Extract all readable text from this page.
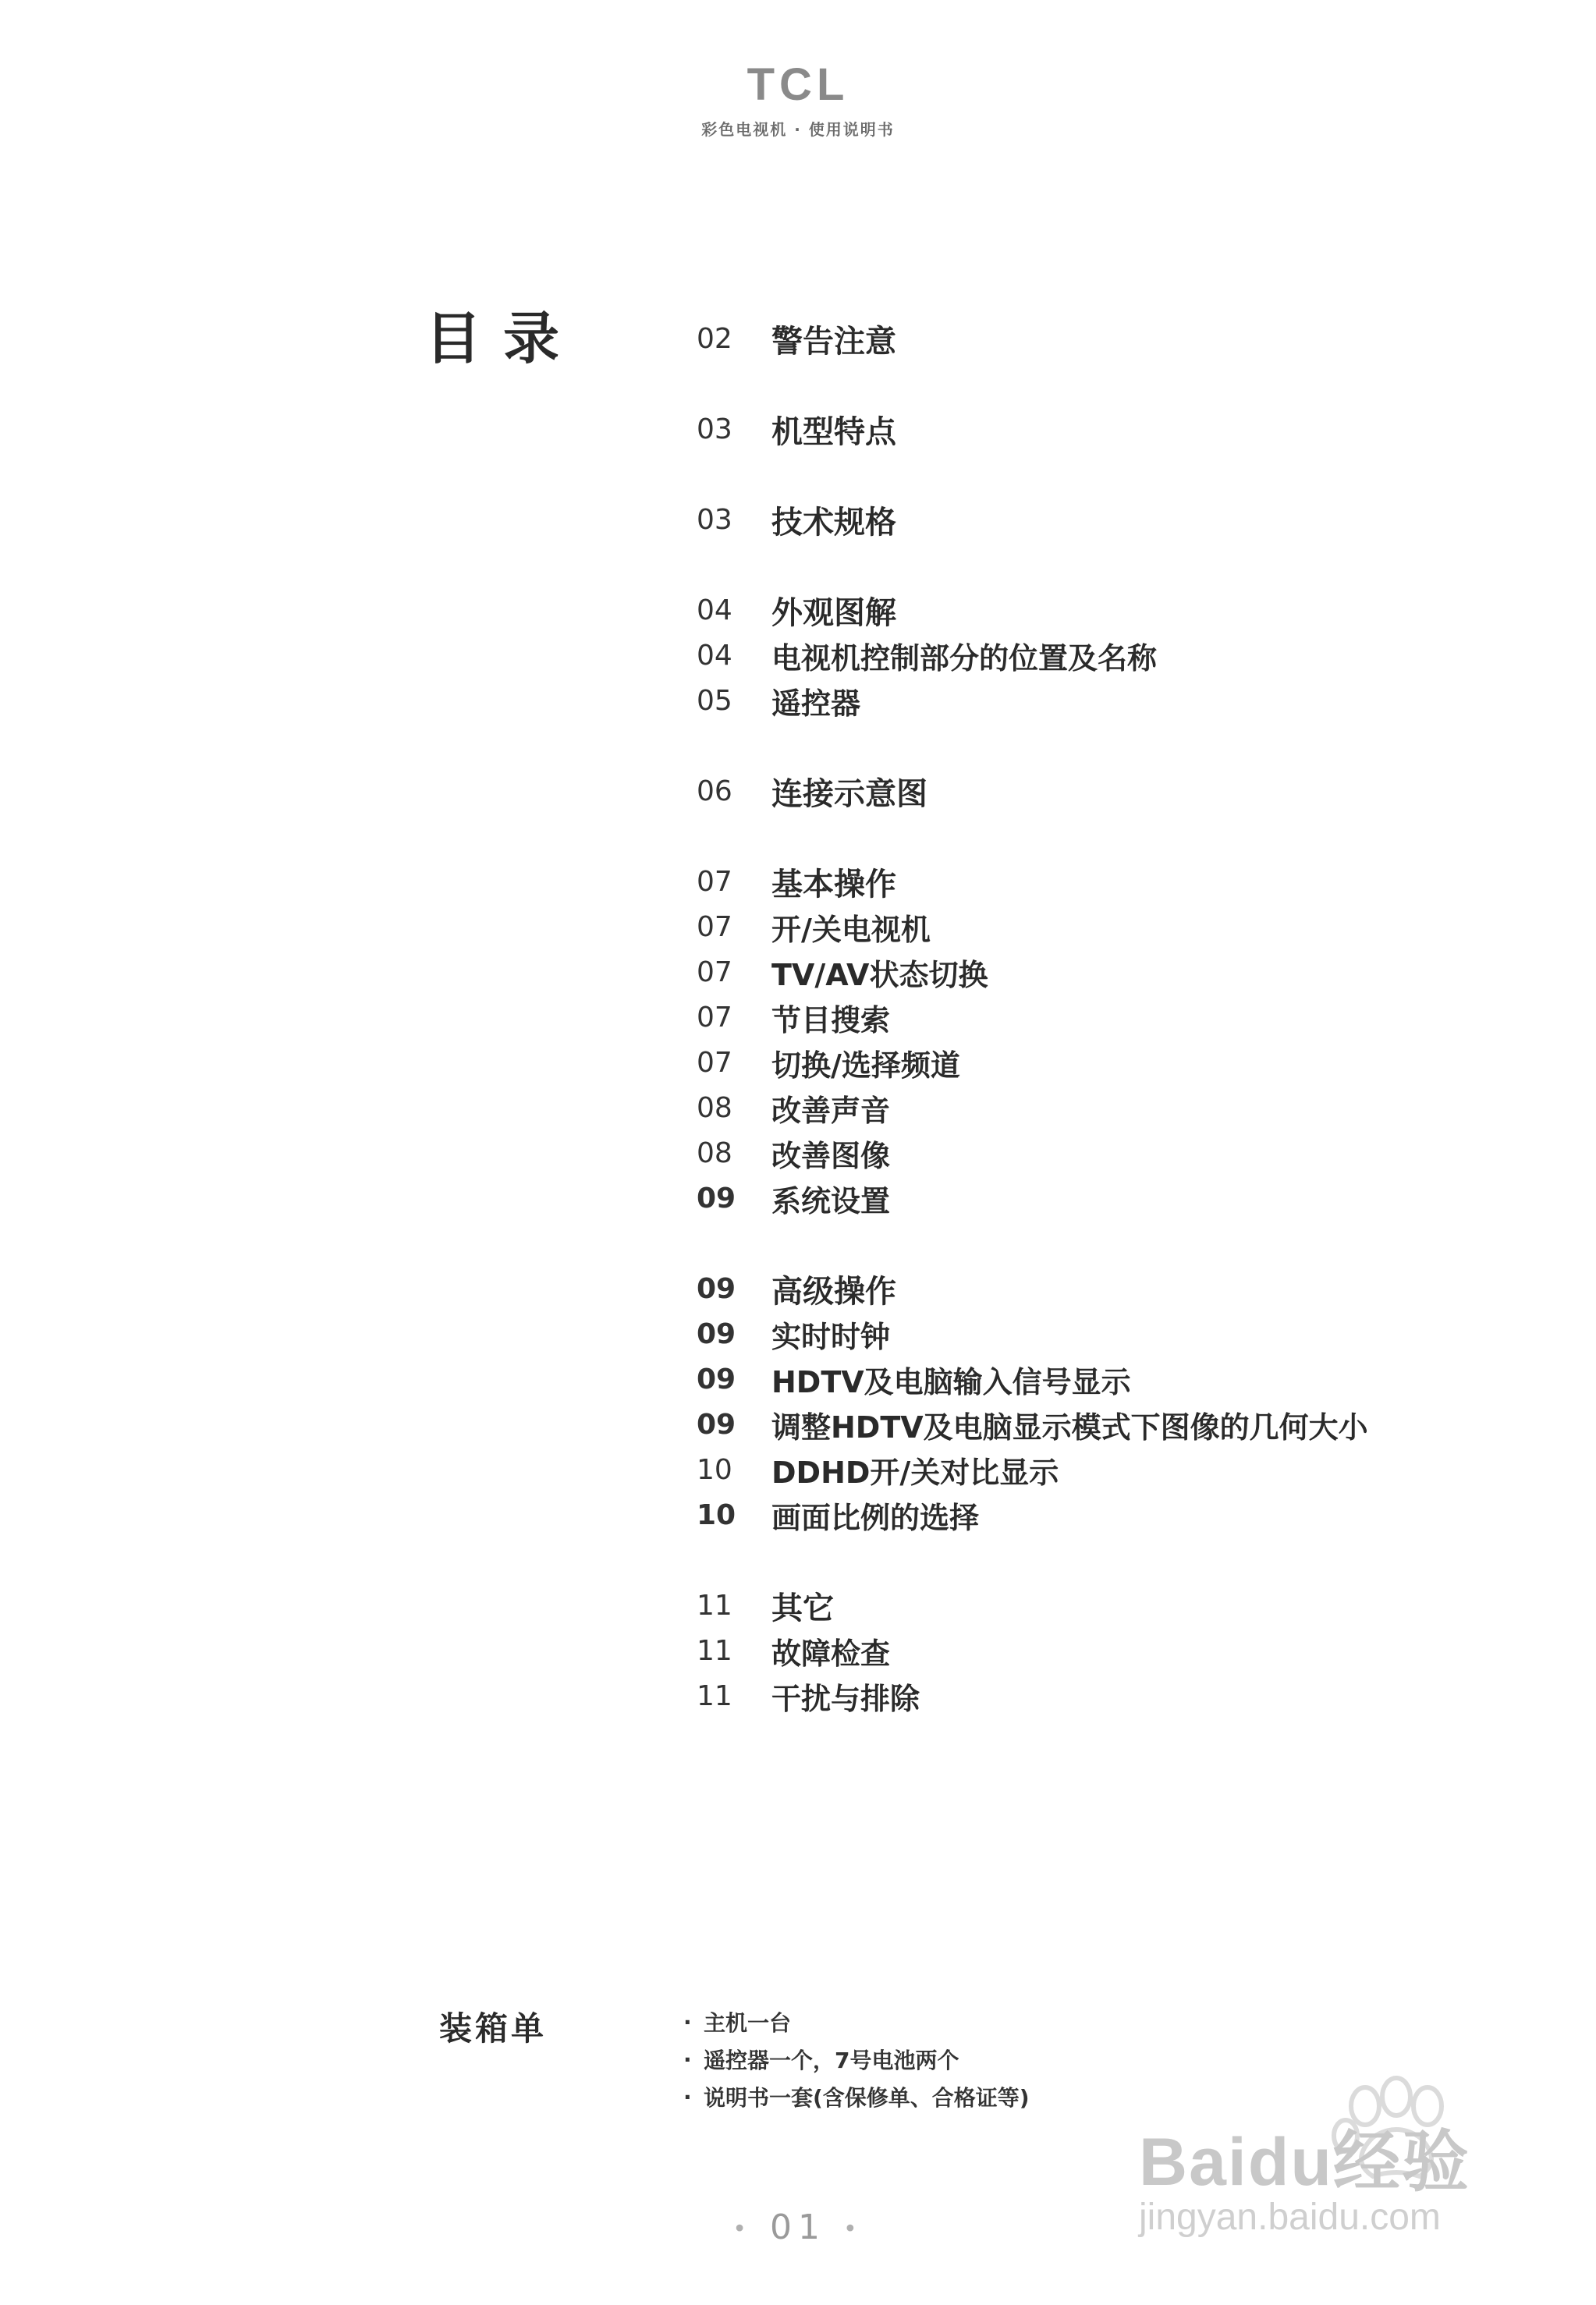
TCL
彩色电视机 · 使用说明书
目录	02	警告注意
03	机型特点
03	技术规格
04	外观图解
04	电视机控制部分的位置及名称
05	遥控器
06	连接示意图
07	基本操作
07	开/关电视机
07	TV/AV状态切换
07	节目搜索
07	切换/选择频道
08	改善声音
08	改善图像
09	系统设置
09	高级操作
09	实时时钟
09	HDTV及电脑输入信号显示
09	调整HDTV及电脑显示模式下图像的几何大小
10	DDHD开/关对比显示
10	画面比例的选择
11	其它
11	故障检查
11	干扰与排除
装箱单	· 主机一台
· 遥控器一个，7号电池两个
· 说明书一套(含保修单、合格证等)
• 01 •
Baidu经验
jingyan.baidu.com
